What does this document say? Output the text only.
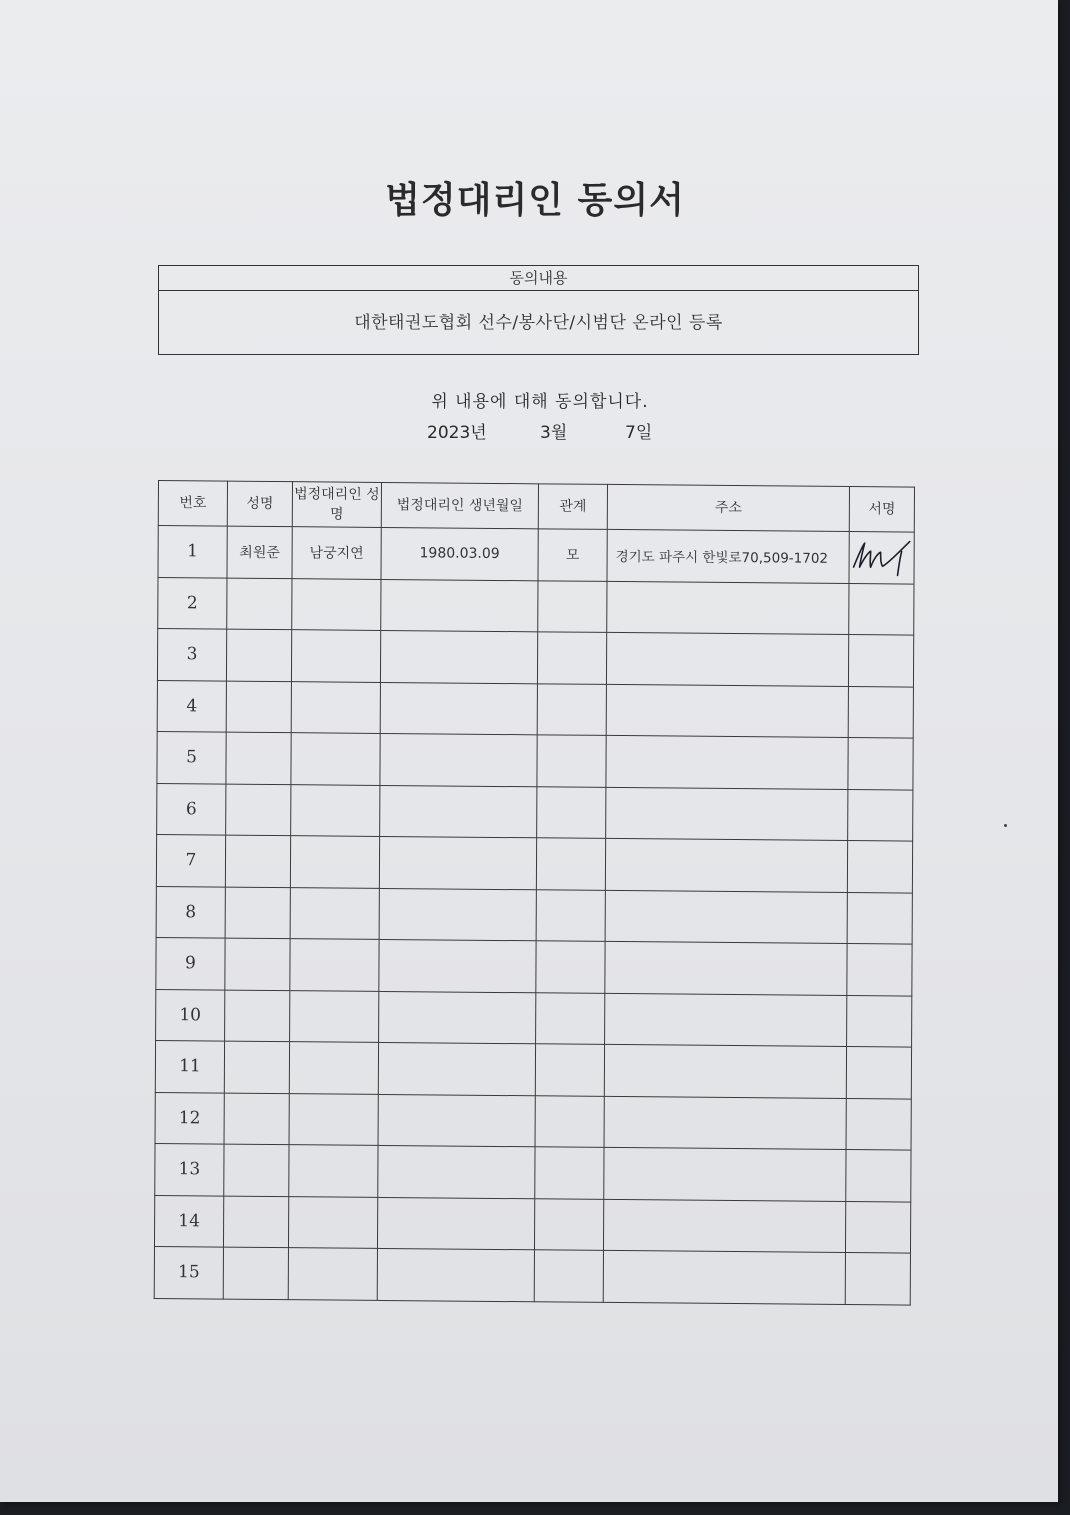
법정대리인 동의서
동의내용
대한태권도협회 선수/봉사단/시범단 온라인 등록
위 내용에 대해 동의합니다.
2023년	3월	7일
번호	성명	법정대리인 성명	법정대리인 생년월일	관계	주소	서명
1	최원준	남궁지연	1980.03.09	모	경기도 파주시 한빛로70,509-1702	

2						
3						
4						
5						
6						
7						
8						
9						
10						
11						
12						
13						
14						
15						
